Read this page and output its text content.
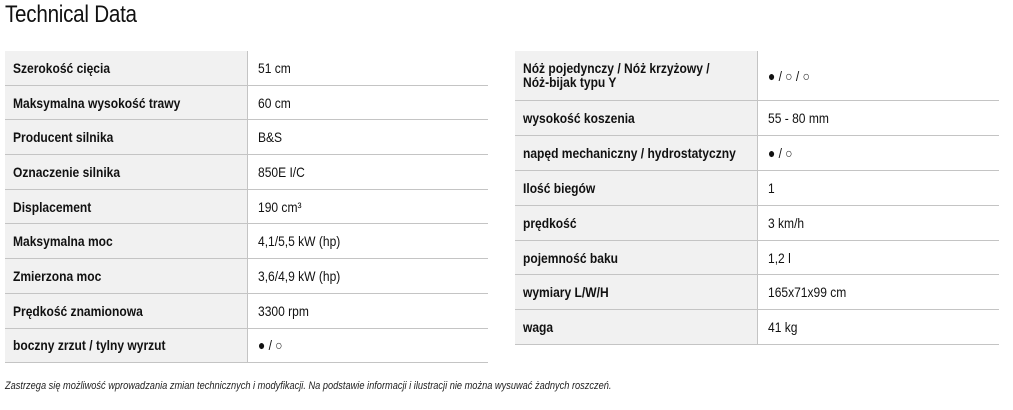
Technical Data
Szerokość cięcia	51 cm
Maksymalna wysokość trawy	60 cm
Producent silnika	B&S
Oznaczenie silnika	850E I/C
Displacement	190 cm³
Maksymalna moc	4,1/5,5 kW (hp)
Zmierzona moc	3,6/4,9 kW (hp)
Prędkość znamionowa	3300 rpm
boczny zrzut / tylny wyrzut	● / ○
Nóż pojedynczy / Nóż krzyżowy / Nóż-bijak typu Y	● / ○ / ○
wysokość koszenia	55 - 80 mm
napęd mechaniczny / hydrostatyczny	● / ○
Ilość biegów	1
prędkość	3 km/h
pojemność baku	1,2 l
wymiary L/W/H	165x71x99 cm
waga	41 kg
Zastrzega się możliwość wprowadzania zmian technicznych i modyfikacji. Na podstawie informacji i ilustracji nie można wysuwać żadnych roszczeń.
